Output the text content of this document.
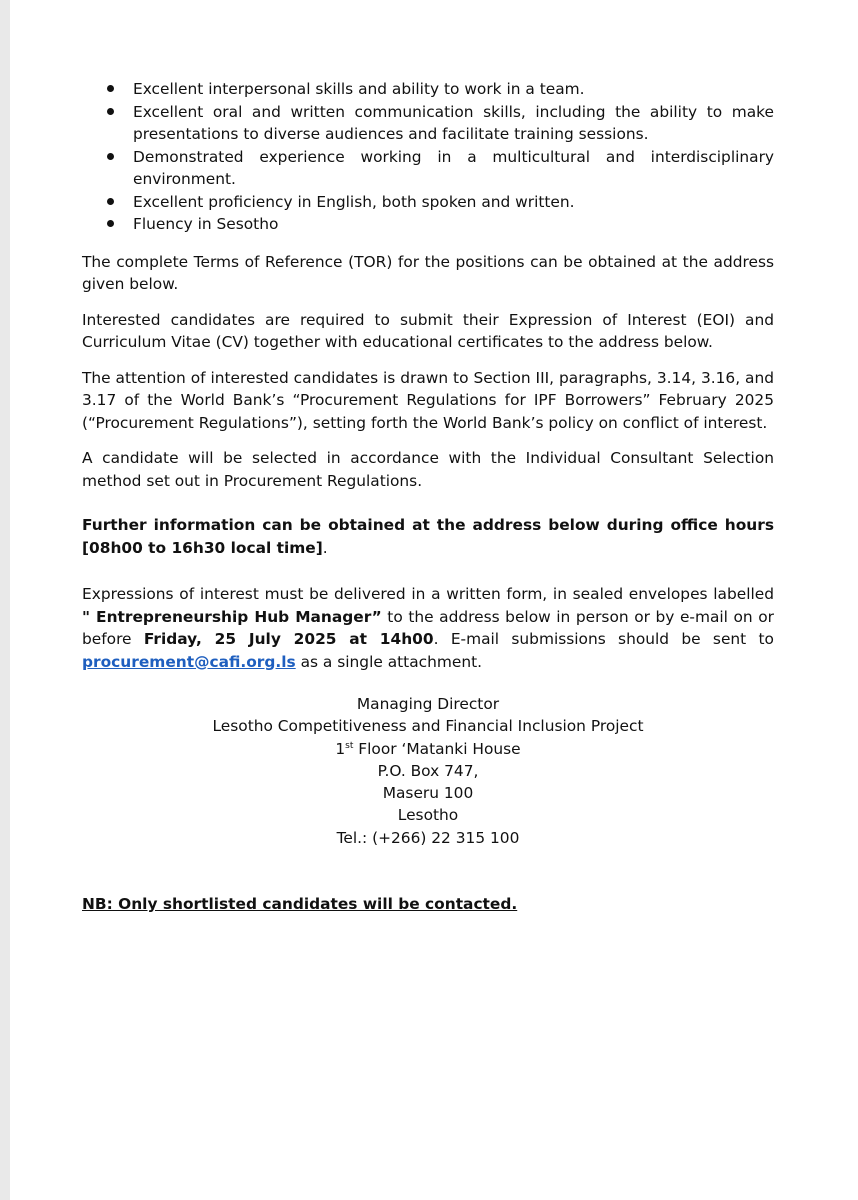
Excellent interpersonal skills and ability to work in a team.
Excellent oral and written communication skills, including the ability to make presentations to diverse audiences and facilitate training sessions.
Demonstrated experience working in a multicultural and interdisciplinary environment.
Excellent proficiency in English, both spoken and written.
Fluency in Sesotho

The complete Terms of Reference (TOR) for the positions can be obtained at the address given below.

Interested candidates are required to submit their Expression of Interest (EOI) and Curriculum Vitae (CV) together with educational certificates to the address below.

The attention of interested candidates is drawn to Section III, paragraphs, 3.14, 3.16, and 3.17 of the World Bank’s “Procurement Regulations for IPF Borrowers” February 2025 (“Procurement Regulations”), setting forth the World Bank’s policy on conflict of interest.

A candidate will be selected in accordance with the Individual Consultant Selection method set out in Procurement Regulations.

Further information can be obtained at the address below during office hours [08h00 to 16h30 local time].

Expressions of interest must be delivered in a written form, in sealed envelopes labelled " Entrepreneurship Hub Manager” to the address below in person or by e-mail on or before Friday, 25 July 2025 at 14h00. E-mail submissions should be sent to procurement@cafi.org.ls as a single attachment.

Managing Director
Lesotho Competitiveness and Financial Inclusion Project
1st Floor ‘Matanki House
P.O. Box 747,
Maseru 100
Lesotho
Tel.: (+266) 22 315 100
NB: Only shortlisted candidates will be contacted.
